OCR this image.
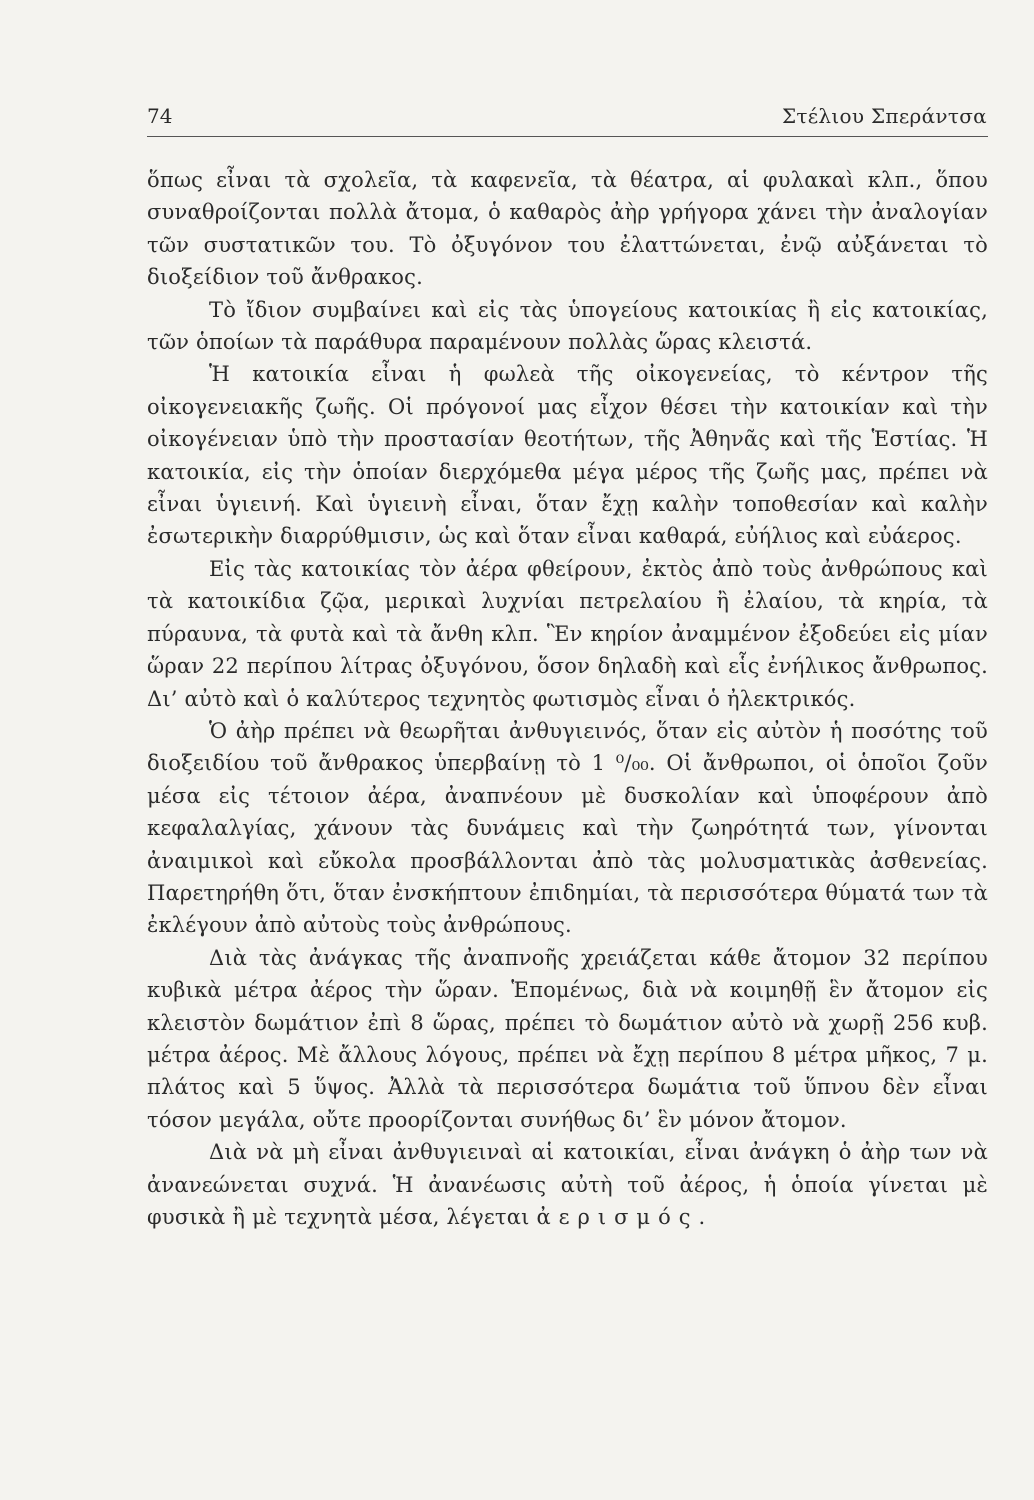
74	Στέλιου Σπεράντσα

ὅπως εἶναι τὰ σχολεῖα, τὰ καφενεῖα, τὰ θέατρα, αἱ φυλακαὶ κλπ., ὅπου συναθροίζονται πολλὰ ἄτομα, ὁ καθαρὸς ἀὴρ γρήγορα χάνει τὴν ἀναλογίαν τῶν συστατικῶν του. Τὸ ὀξυγόνον του ἐλαττώνεται, ἐνῷ αὐξάνεται τὸ διοξείδιον τοῦ ἄνθρακος.

Τὸ ἴδιον συμβαίνει καὶ εἰς τὰς ὑπογείους κατοικίας ἢ εἰς κατοικίας, τῶν ὁποίων τὰ παράθυρα παραμένουν πολλὰς ὥρας κλειστά.

Ἡ κατοικία εἶναι ἡ φωλεὰ τῆς οἰκογενείας, τὸ κέντρον τῆς οἰκογενειακῆς ζωῆς. Οἱ πρόγονοί μας εἶχον θέσει τὴν κατοικίαν καὶ τὴν οἰκογένειαν ὑπὸ τὴν προστασίαν θεοτήτων, τῆς Ἀθηνᾶς καὶ τῆς Ἑστίας. Ἡ κατοικία, εἰς τὴν ὁποίαν διερχόμεθα μέγα μέρος τῆς ζωῆς μας, πρέπει νὰ εἶναι ὑγιεινή. Καὶ ὑγιεινὴ εἶναι, ὅταν ἔχῃ καλὴν τοποθεσίαν καὶ καλὴν ἐσωτερικὴν διαρρύθμισιν, ὡς καὶ ὅταν εἶναι καθαρά, εὐήλιος καὶ εὐάερος.

Εἰς τὰς κατοικίας τὸν ἀέρα φθείρουν, ἐκτὸς ἀπὸ τοὺς ἀνθρώπους καὶ τὰ κατοικίδια ζῷα, μερικαὶ λυχνίαι πετρελαίου ἢ ἐλαίου, τὰ κηρία, τὰ πύραυνα, τὰ φυτὰ καὶ τὰ ἄνθη κλπ. Ἓν κηρίον ἀναμμένον ἐξοδεύει εἰς μίαν ὥραν 22 περίπου λίτρας ὀξυγόνου, ὅσον δηλαδὴ καὶ εἷς ἐνήλικος ἄνθρωπος. Δι’ αὐτὸ καὶ ὁ καλύτερος τεχνητὸς φωτισμὸς εἶναι ὁ ἠλεκτρικός.

Ὁ ἀὴρ πρέπει νὰ θεωρῆται ἀνθυγιεινός, ὅταν εἰς αὐτὸν ἡ ποσότης τοῦ διοξειδίου τοῦ ἄνθρακος ὑπερβαίνῃ τὸ 1 ⁰/₀₀. Οἱ ἄνθρωποι, οἱ ὁποῖοι ζοῦν μέσα εἰς τέτοιον ἀέρα, ἀναπνέουν μὲ δυσκολίαν καὶ ὑποφέρουν ἀπὸ κεφαλαλγίας, χάνουν τὰς δυνάμεις καὶ τὴν ζωηρότητά των, γίνονται ἀναιμικοὶ καὶ εὔκολα προσβάλλονται ἀπὸ τὰς μολυσματικὰς ἀσθενείας. Παρετηρήθη ὅτι, ὅταν ἐνσκήπτουν ἐπιδημίαι, τὰ περισσότερα θύματά των τὰ ἐκλέγουν ἀπὸ αὐτοὺς τοὺς ἀνθρώπους.

Διὰ τὰς ἀνάγκας τῆς ἀναπνοῆς χρειάζεται κάθε ἄτομον 32 περίπου κυβικὰ μέτρα ἀέρος τὴν ὥραν. Ἑπομένως, διὰ νὰ κοιμηθῇ ἓν ἄτομον εἰς κλειστὸν δωμάτιον ἐπὶ 8 ὥρας, πρέπει τὸ δωμάτιον αὐτὸ νὰ χωρῇ 256 κυβ. μέτρα ἀέρος. Μὲ ἄλλους λόγους, πρέπει νὰ ἔχῃ περίπου 8 μέτρα μῆκος, 7 μ. πλάτος καὶ 5 ὕψος. Ἀλλὰ τὰ περισσότερα δωμάτια τοῦ ὕπνου δὲν εἶναι τόσον μεγάλα, οὔτε προορίζονται συνήθως δι’ ἓν μόνον ἄτομον.

Διὰ νὰ μὴ εἶναι ἀνθυγιειναὶ αἱ κατοικίαι, εἶναι ἀνάγκη ὁ ἀὴρ των νὰ ἀνανεώνεται συχνά. Ἡ ἀνανέωσις αὐτὴ τοῦ ἀέρος, ἡ ὁποία γίνεται μὲ φυσικὰ ἢ μὲ τεχνητὰ μέσα, λέγεται ἀερισμός.
